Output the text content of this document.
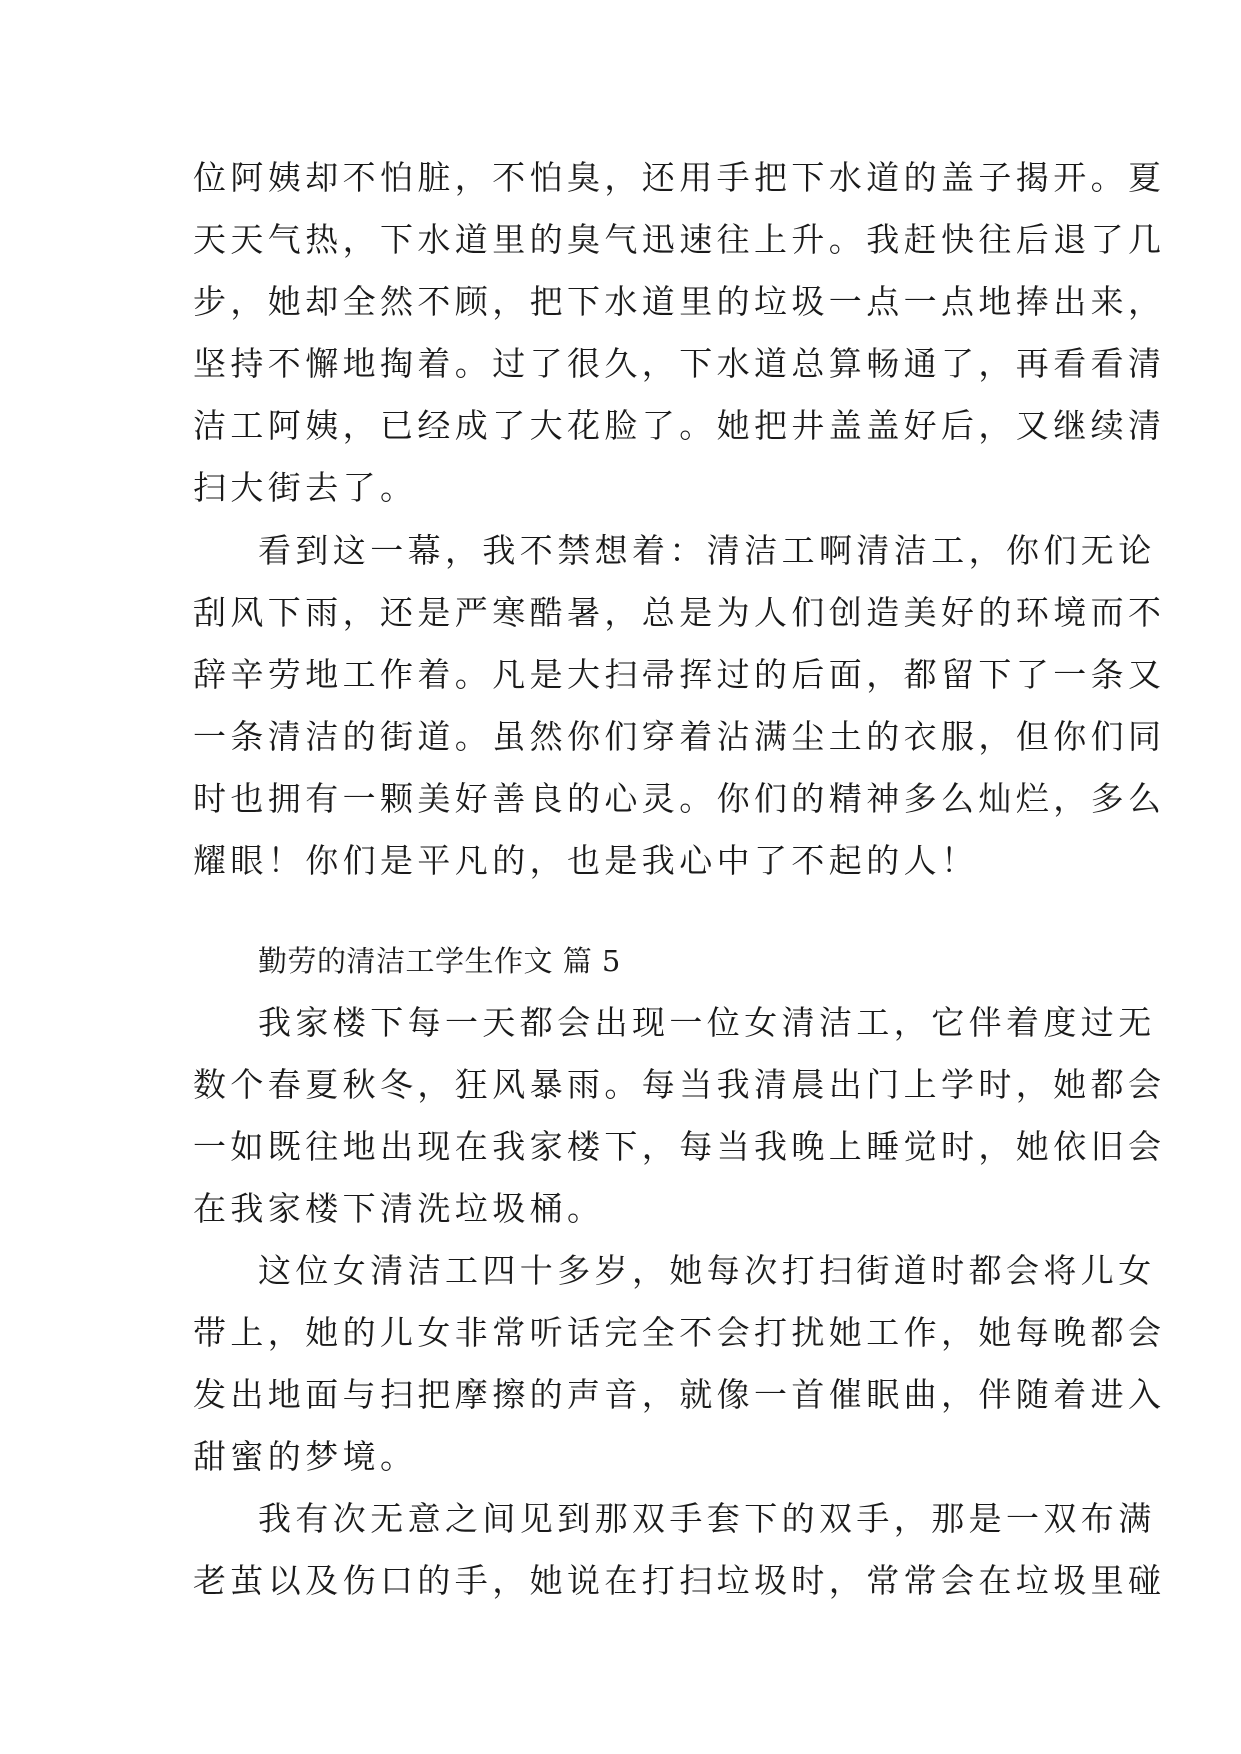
位阿姨却不怕脏，不怕臭，还用手把下水道的盖子揭开。夏
天天气热，下水道里的臭气迅速往上升。我赶快往后退了几
步，她却全然不顾，把下水道里的垃圾一点一点地捧出来，
坚持不懈地掏着。过了很久，下水道总算畅通了，再看看清
洁工阿姨，已经成了大花脸了。她把井盖盖好后，又继续清
扫大街去了。
看到这一幕，我不禁想着：清洁工啊清洁工，你们无论
刮风下雨，还是严寒酷暑，总是为人们创造美好的环境而不
辞辛劳地工作着。凡是大扫帚挥过的后面，都留下了一条又
一条清洁的街道。虽然你们穿着沾满尘土的衣服，但你们同
时也拥有一颗美好善良的心灵。你们的精神多么灿烂，多么
耀眼！你们是平凡的，也是我心中了不起的人！
勤劳的清洁工学生作文 篇 5
我家楼下每一天都会出现一位女清洁工，它伴着度过无
数个春夏秋冬，狂风暴雨。每当我清晨出门上学时，她都会
一如既往地出现在我家楼下，每当我晚上睡觉时，她依旧会
在我家楼下清洗垃圾桶。
这位女清洁工四十多岁，她每次打扫街道时都会将儿女
带上，她的儿女非常听话完全不会打扰她工作，她每晚都会
发出地面与扫把摩擦的声音，就像一首催眠曲，伴随着进入
甜蜜的梦境。
我有次无意之间见到那双手套下的双手，那是一双布满
老茧以及伤口的手，她说在打扫垃圾时，常常会在垃圾里碰
